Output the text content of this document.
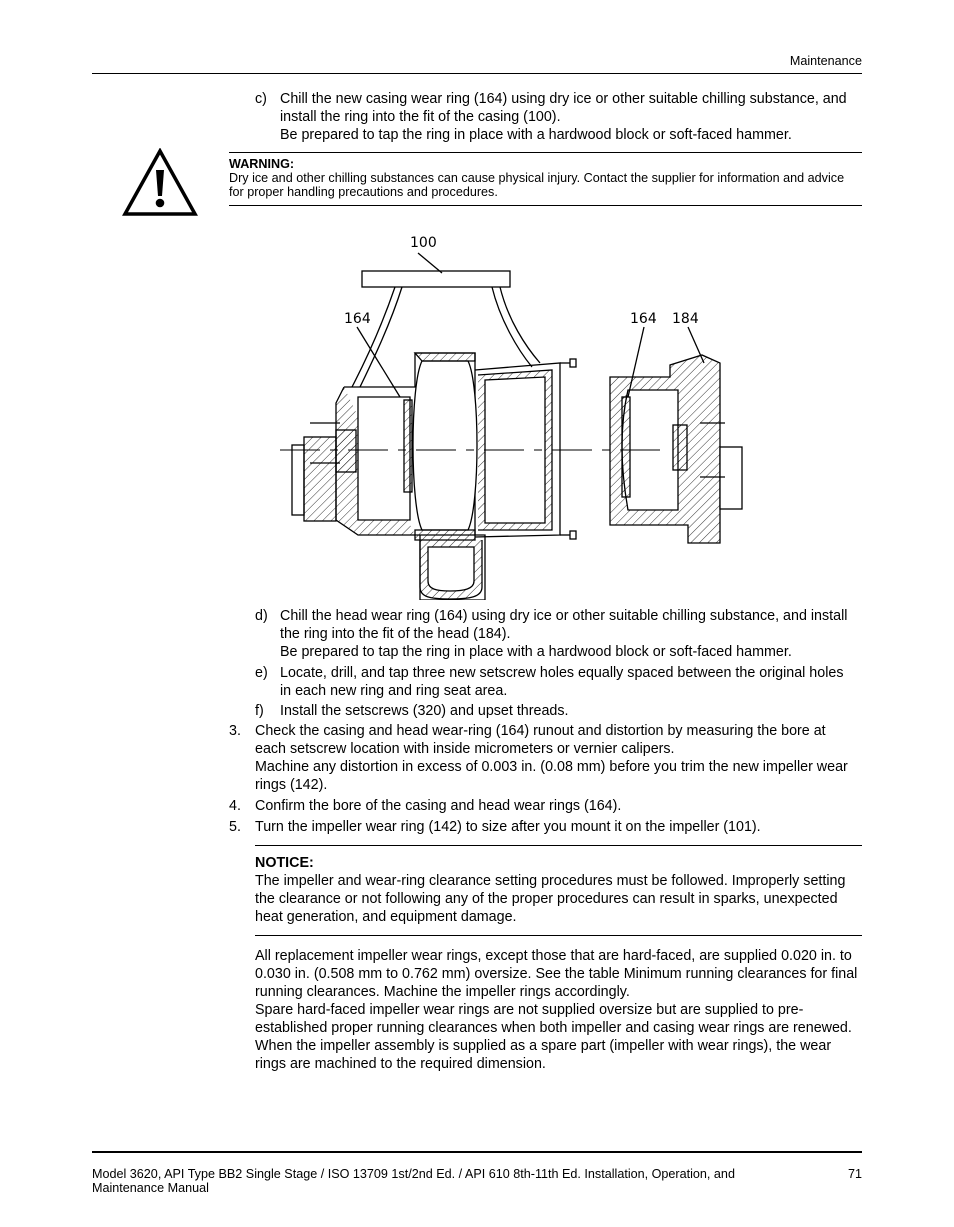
Maintenance
c) Chill the new casing wear ring (164) using dry ice or other suitable chilling substance, and install the ring into the fit of the casing (100).

Be prepared to tap the ring in place with a hardwood block or soft-faced hammer.

WARNING:
Dry ice and other chilling substances can cause physical injury. Contact the supplier for information and advice for proper handling precautions and procedures.
100
164	164 184
d) Chill the head wear ring (164) using dry ice or other suitable chilling substance, and install the ring into the fit of the head (184).

Be prepared to tap the ring in place with a hardwood block or soft-faced hammer.

e) Locate, drill, and tap three new setscrew holes equally spaced between the original holes in each new ring and ring seat area.
f) Install the setscrews (320) and upset threads.
3. Check the casing and head wear-ring (164) runout and distortion by measuring the bore at each setscrew location with inside micrometers or vernier calipers.

Machine any distortion in excess of 0.003 in. (0.08 mm) before you trim the new impeller wear rings (142).

4. Confirm the bore of the casing and head wear rings (164).
5. Turn the impeller wear ring (142) to size after you mount it on the impeller (101).
NOTICE:
The impeller and wear-ring clearance setting procedures must be followed. Improperly setting the clearance or not following any of the proper procedures can result in sparks, unexpected heat generation, and equipment damage.

All replacement impeller wear rings, except those that are hard-faced, are supplied 0.020 in. to 0.030 in. (0.508 mm to 0.762 mm) oversize. See the table Minimum running clearances for final running clearances. Machine the impeller rings accordingly.

Spare hard-faced impeller wear rings are not supplied oversize but are supplied to pre-established proper running clearances when both impeller and casing wear rings are renewed.

When the impeller assembly is supplied as a spare part (impeller with wear rings), the wear rings are machined to the required dimension.

Model 3620, API Type BB2 Single Stage / ISO 13709 1st/2nd Ed. / API 610 8th-11th Ed. Installation, Operation, and Maintenance Manual
71
